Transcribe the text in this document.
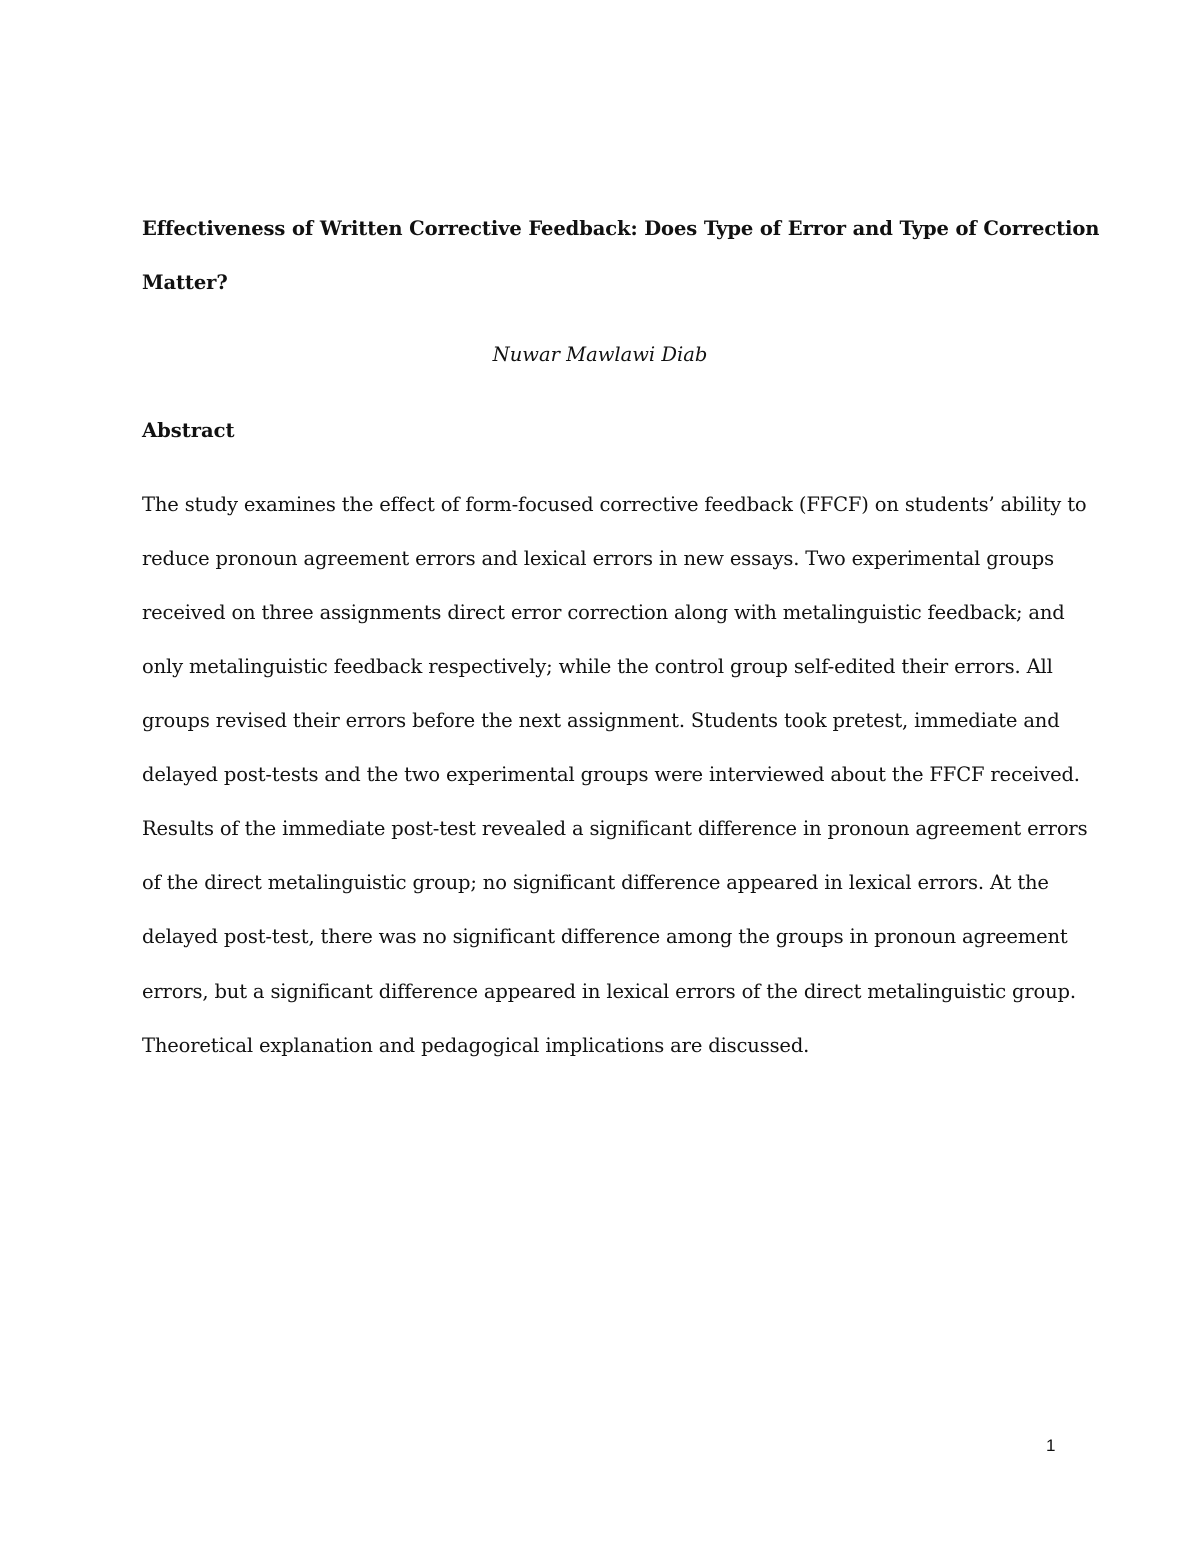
Effectiveness of Written Corrective Feedback: Does Type of Error and Type of Correction
Matter?
Nuwar Mawlawi Diab
Abstract
The study examines the effect of form-focused corrective feedback (FFCF) on students’ ability to
reduce pronoun agreement errors and lexical errors in new essays. Two experimental groups
received on three assignments direct error correction along with metalinguistic feedback; and
only metalinguistic feedback respectively; while the control group self-edited their errors. All
groups revised their errors before the next assignment. Students took pretest, immediate and
delayed post-tests and the two experimental groups were interviewed about the FFCF received.
Results of the immediate post-test revealed a significant difference in pronoun agreement errors
of the direct metalinguistic group; no significant difference appeared in lexical errors. At the
delayed post-test, there was no significant difference among the groups in pronoun agreement
errors, but a significant difference appeared in lexical errors of the direct metalinguistic group.
Theoretical explanation and pedagogical implications are discussed.
1
